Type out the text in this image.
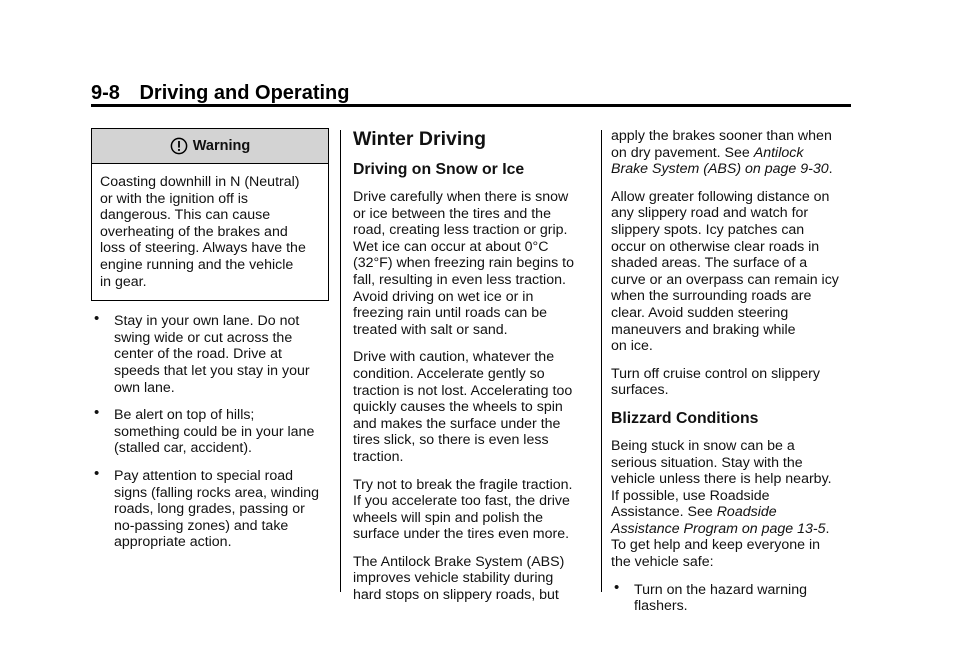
9-8 Driving and Operating
Warning
Coasting downhill in N (Neutral)
or with the ignition off is
dangerous. This can cause
overheating of the brakes and
loss of steering. Always have the
engine running and the vehicle
in gear.
• Stay in your own lane. Do not
swing wide or cut across the
center of the road. Drive at
speeds that let you stay in your
own lane.
• Be alert on top of hills;
something could be in your lane
(stalled car, accident).
• Pay attention to special road
signs (falling rocks area, winding
roads, long grades, passing or
no-passing zones) and take
appropriate action.
Winter Driving
Driving on Snow or Ice

Drive carefully when there is snow
or ice between the tires and the
road, creating less traction or grip.
Wet ice can occur at about 0°C
(32°F) when freezing rain begins to
fall, resulting in even less traction.
Avoid driving on wet ice or in
freezing rain until roads can be
treated with salt or sand.

Drive with caution, whatever the
condition. Accelerate gently so
traction is not lost. Accelerating too
quickly causes the wheels to spin
and makes the surface under the
tires slick, so there is even less
traction.

Try not to break the fragile traction.
If you accelerate too fast, the drive
wheels will spin and polish the
surface under the tires even more.

The Antilock Brake System (ABS)
improves vehicle stability during
hard stops on slippery roads, but

apply the brakes sooner than when
on dry pavement. See Antilock
Brake System (ABS) on page 9-30.

Allow greater following distance on
any slippery road and watch for
slippery spots. Icy patches can
occur on otherwise clear roads in
shaded areas. The surface of a
curve or an overpass can remain icy
when the surrounding roads are
clear. Avoid sudden steering
maneuvers and braking while
on ice.

Turn off cruise control on slippery
surfaces.

Blizzard Conditions

Being stuck in snow can be a
serious situation. Stay with the
vehicle unless there is help nearby.
If possible, use Roadside
Assistance. See Roadside
Assistance Program on page 13-5.
To get help and keep everyone in
the vehicle safe:

• Turn on the hazard warning
flashers.
